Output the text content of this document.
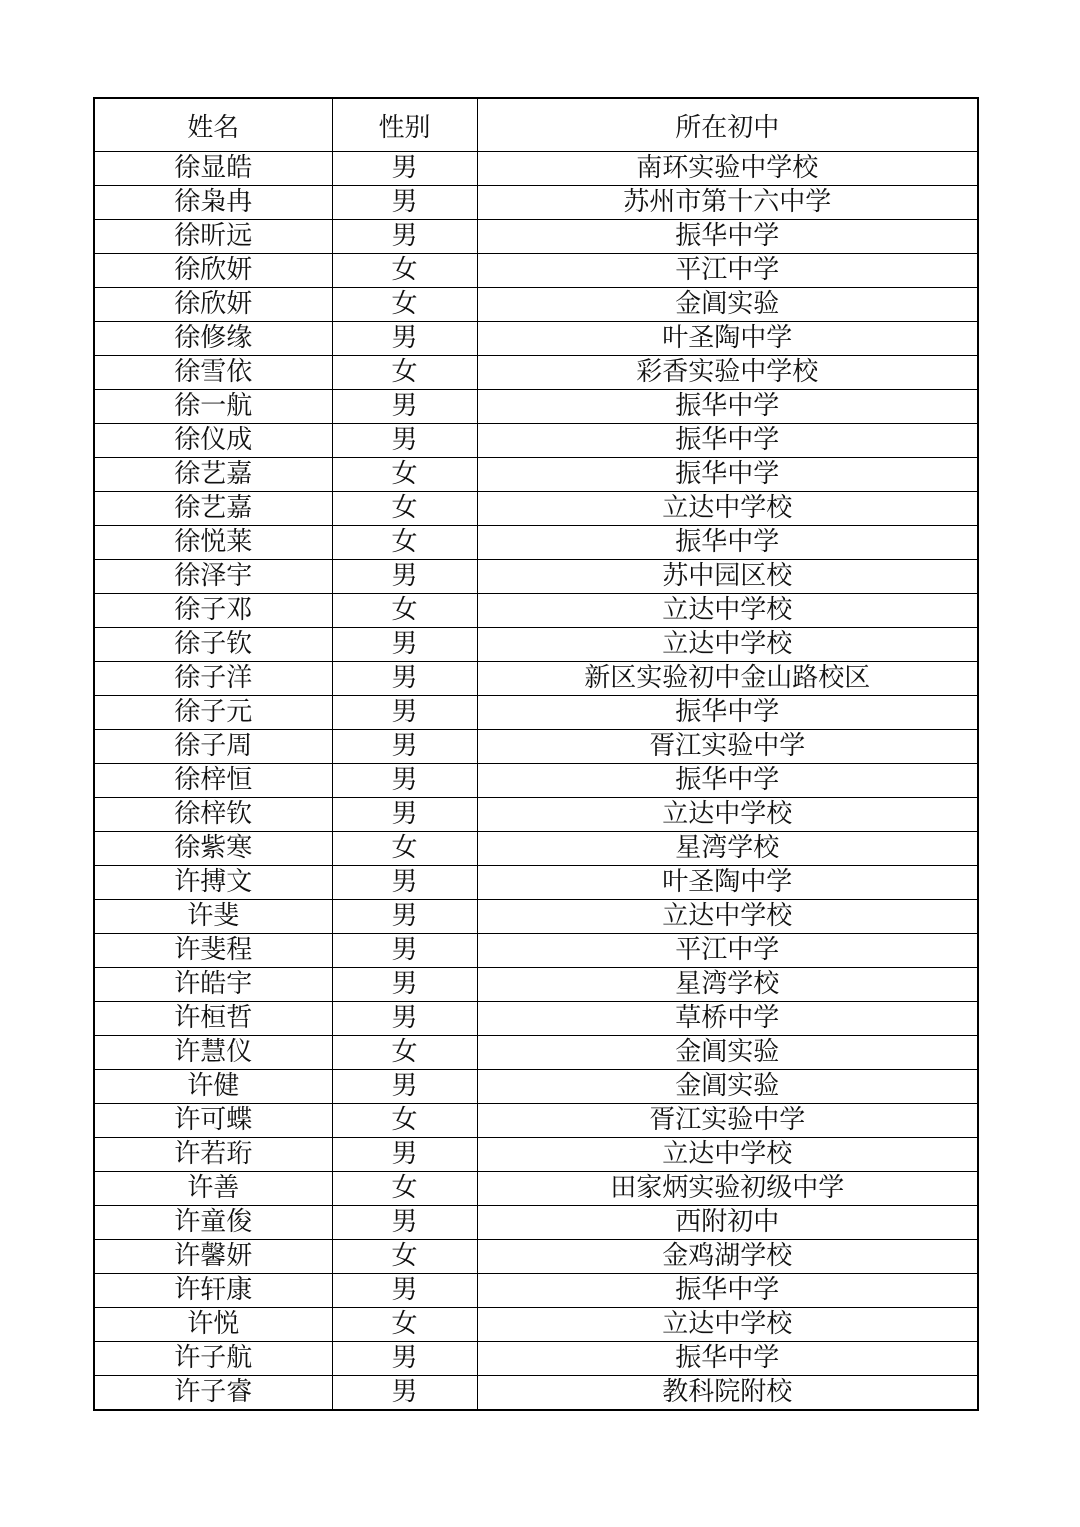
姓名	性别	所在初中
徐显皓	男	南环实验中学校
徐枭冉	男	苏州市第十六中学
徐昕远	男	振华中学
徐欣妍	女	平江中学
徐欣妍	女	金阊实验
徐修缘	男	叶圣陶中学
徐雪依	女	彩香实验中学校
徐一航	男	振华中学
徐仪成	男	振华中学
徐艺嘉	女	振华中学
徐艺嘉	女	立达中学校
徐悦莱	女	振华中学
徐泽宇	男	苏中园区校
徐子邓	女	立达中学校
徐子钦	男	立达中学校
徐子洋	男	新区实验初中金山路校区
徐子元	男	振华中学
徐子周	男	胥江实验中学
徐梓恒	男	振华中学
徐梓钦	男	立达中学校
徐紫寒	女	星湾学校
许搏文	男	叶圣陶中学
许斐	男	立达中学校
许斐程	男	平江中学
许皓宇	男	星湾学校
许桓哲	男	草桥中学
许慧仪	女	金阊实验
许健	男	金阊实验
许可蝶	女	胥江实验中学
许若珩	男	立达中学校
许善	女	田家炳实验初级中学
许童俊	男	西附初中
许馨妍	女	金鸡湖学校
许轩康	男	振华中学
许悦	女	立达中学校
许子航	男	振华中学
许子睿	男	教科院附校
